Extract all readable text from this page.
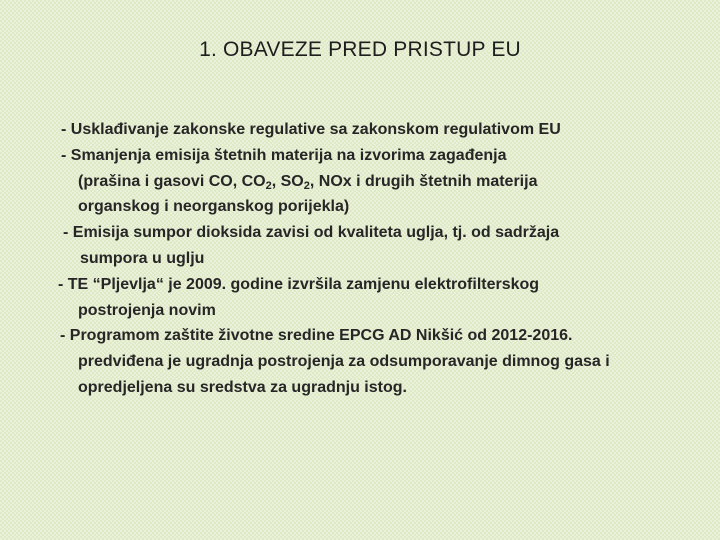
1. OBAVEZE PRED PRISTUP EU
- Usklađivanje zakonske regulative sa zakonskom regulativom EU
- Smanjenja emisija štetnih materija na izvorima zagađenja
(prašina i gasovi CO, $CO_2$, $SO_2$, NOx i drugih štetnih materija
organskog i neorganskog porijekla)
- Emisija sumpor dioksida zavisi od kvaliteta uglja, tj. od sadržaja
sumpora u uglju
- TE “Pljevlja“ je 2009. godine izvršila zamjenu elektrofilterskog
postrojenja novim
- Programom zaštite životne sredine EPCG AD Nikšić od 2012-2016.
predviđena je ugradnja postrojenja za odsumporavanje dimnog gasa i
opredjeljena su sredstva za ugradnju istog.
